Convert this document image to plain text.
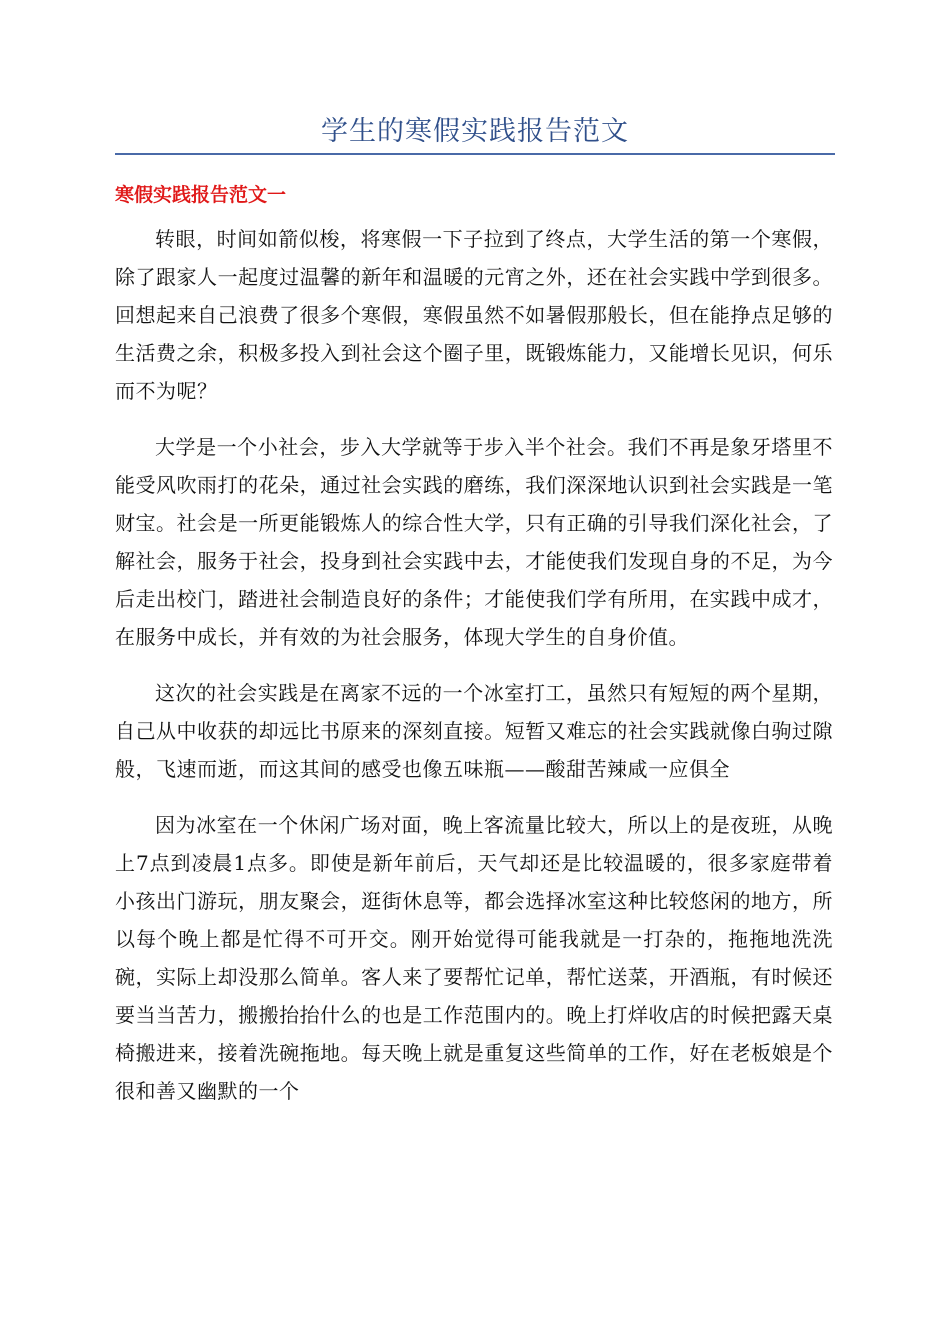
学生的寒假实践报告范文
寒假实践报告范文一

转眼，时间如箭似梭，将寒假一下子拉到了终点，大学生活的第一个寒假，除了跟家人一起度过温馨的新年和温暖的元宵之外，还在社会实践中学到很多。回想起来自己浪费了很多个寒假，寒假虽然不如暑假那般长，但在能挣点足够的生活费之余，积极多投入到社会这个圈子里，既锻炼能力，又能增长见识，何乐而不为呢？

大学是一个小社会，步入大学就等于步入半个社会。我们不再是象牙塔里不能受风吹雨打的花朵，通过社会实践的磨练，我们深深地认识到社会实践是一笔财宝。社会是一所更能锻炼人的综合性大学，只有正确的引导我们深化社会，了解社会，服务于社会，投身到社会实践中去，才能使我们发现自身的不足，为今后走出校门，踏进社会制造良好的条件；才能使我们学有所用，在实践中成才，在服务中成长，并有效的为社会服务，体现大学生的自身价值。

这次的社会实践是在离家不远的一个冰室打工，虽然只有短短的两个星期，自己从中收获的却远比书原来的深刻直接。短暂又难忘的社会实践就像白驹过隙般，飞速而逝，而这其间的感受也像五味瓶——酸甜苦辣咸一应俱全

因为冰室在一个休闲广场对面，晚上客流量比较大，所以上的是夜班，从晚上7点到凌晨1点多。即使是新年前后，天气却还是比较温暖的，很多家庭带着小孩出门游玩，朋友聚会，逛街休息等，都会选择冰室这种比较悠闲的地方，所以每个晚上都是忙得不可开交。刚开始觉得可能我就是一打杂的，拖拖地洗洗碗，实际上却没那么简单。客人来了要帮忙记单，帮忙送菜，开酒瓶，有时候还要当当苦力，搬搬抬抬什么的也是工作范围内的。晚上打烊收店的时候把露天桌椅搬进来，接着洗碗拖地。每天晚上就是重复这些简单的工作，好在老板娘是个很和善又幽默的一个
